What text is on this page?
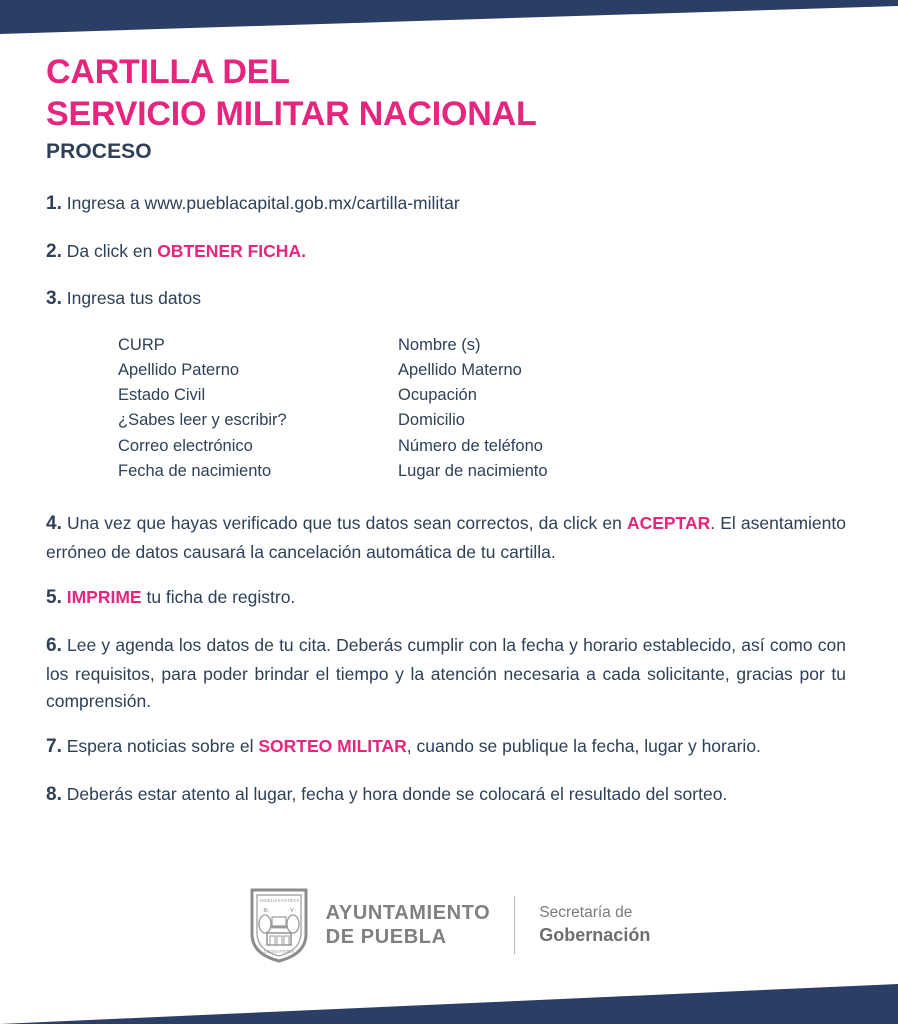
CARTILLA DEL
SERVICIO MILITAR NACIONAL
PROCESO

1. Ingresa a www.pueblacapital.gob.mx/cartilla-militar

2. Da click en OBTENER FICHA.

3. Ingresa tus datos

CURP
Apellido Paterno
Estado Civil
¿Sabes leer y escribir?
Correo electrónico
Fecha de nacimiento
Nombre (s)
Apellido Materno
Ocupación
Domicilio
Número de teléfono
Lugar de nacimiento

4. Una vez que hayas verificado que tus datos sean correctos, da click en ACEPTAR. El asentamiento erróneo de datos causará la cancelación automática de tu cartilla.

5. IMPRIME tu ficha de registro.

6. Lee y agenda los datos de tu cita. Deberás cumplir con la fecha y horario establecido, así como con los requisitos, para poder brindar el tiempo y la atención necesaria a cada solicitante, gracias por tu comprensión.

7. Espera noticias sobre el SORTEO MILITAR, cuando se publique la fecha, lugar y horario.

8. Deberás estar atento al lugar, fecha y hora donde se colocará el resultado del sorteo.

ANGELIS SVIS DEVS
·K·	·V·
CIVITAS PVEBLA
AYUNTAMIENTO
DE PUEBLA
Secretaría de
Gobernación
